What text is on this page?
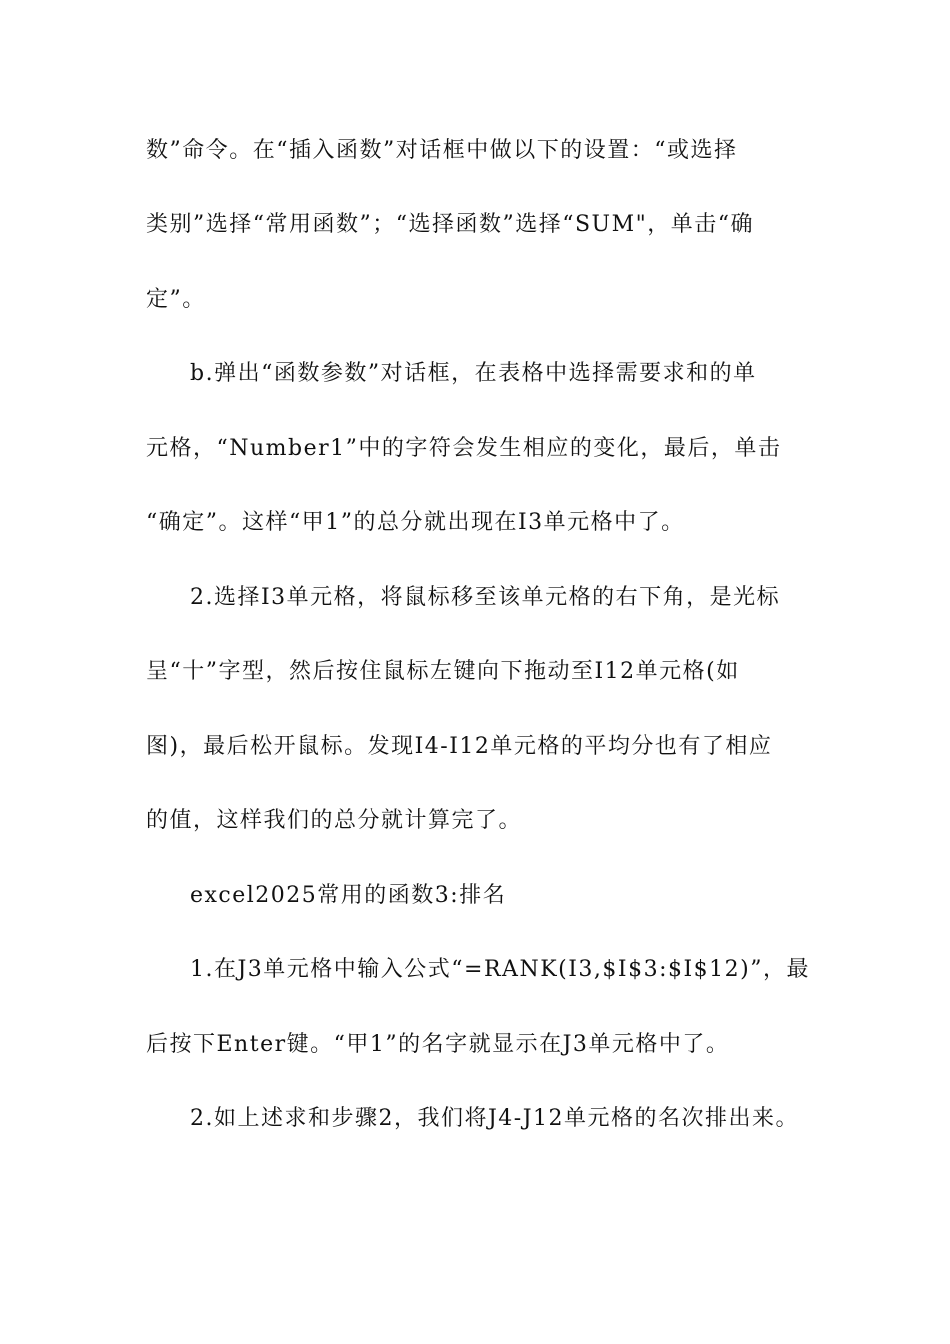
数”命令。在“插入函数”对话框中做以下的设置：“或选择
类别”选择“常用函数”；“选择函数”选择“SUM"，单击“确
定”。
b.弹出“函数参数”对话框，在表格中选择需要求和的单
元格，“Number1”中的字符会发生相应的变化，最后，单击
“确定”。这样“甲1”的总分就出现在I3单元格中了。
2.选择I3单元格，将鼠标移至该单元格的右下角，是光标
呈“十”字型，然后按住鼠标左键向下拖动至I12单元格(如
图)，最后松开鼠标。发现I4-I12单元格的平均分也有了相应
的值，这样我们的总分就计算完了。
excel2025常用的函数3:排名
1.在J3单元格中输入公式“=RANK(I3,$I$3:$I$12)”，最
后按下Enter键。“甲1”的名字就显示在J3单元格中了。
2.如上述求和步骤2，我们将J4-J12单元格的名次排出来。
